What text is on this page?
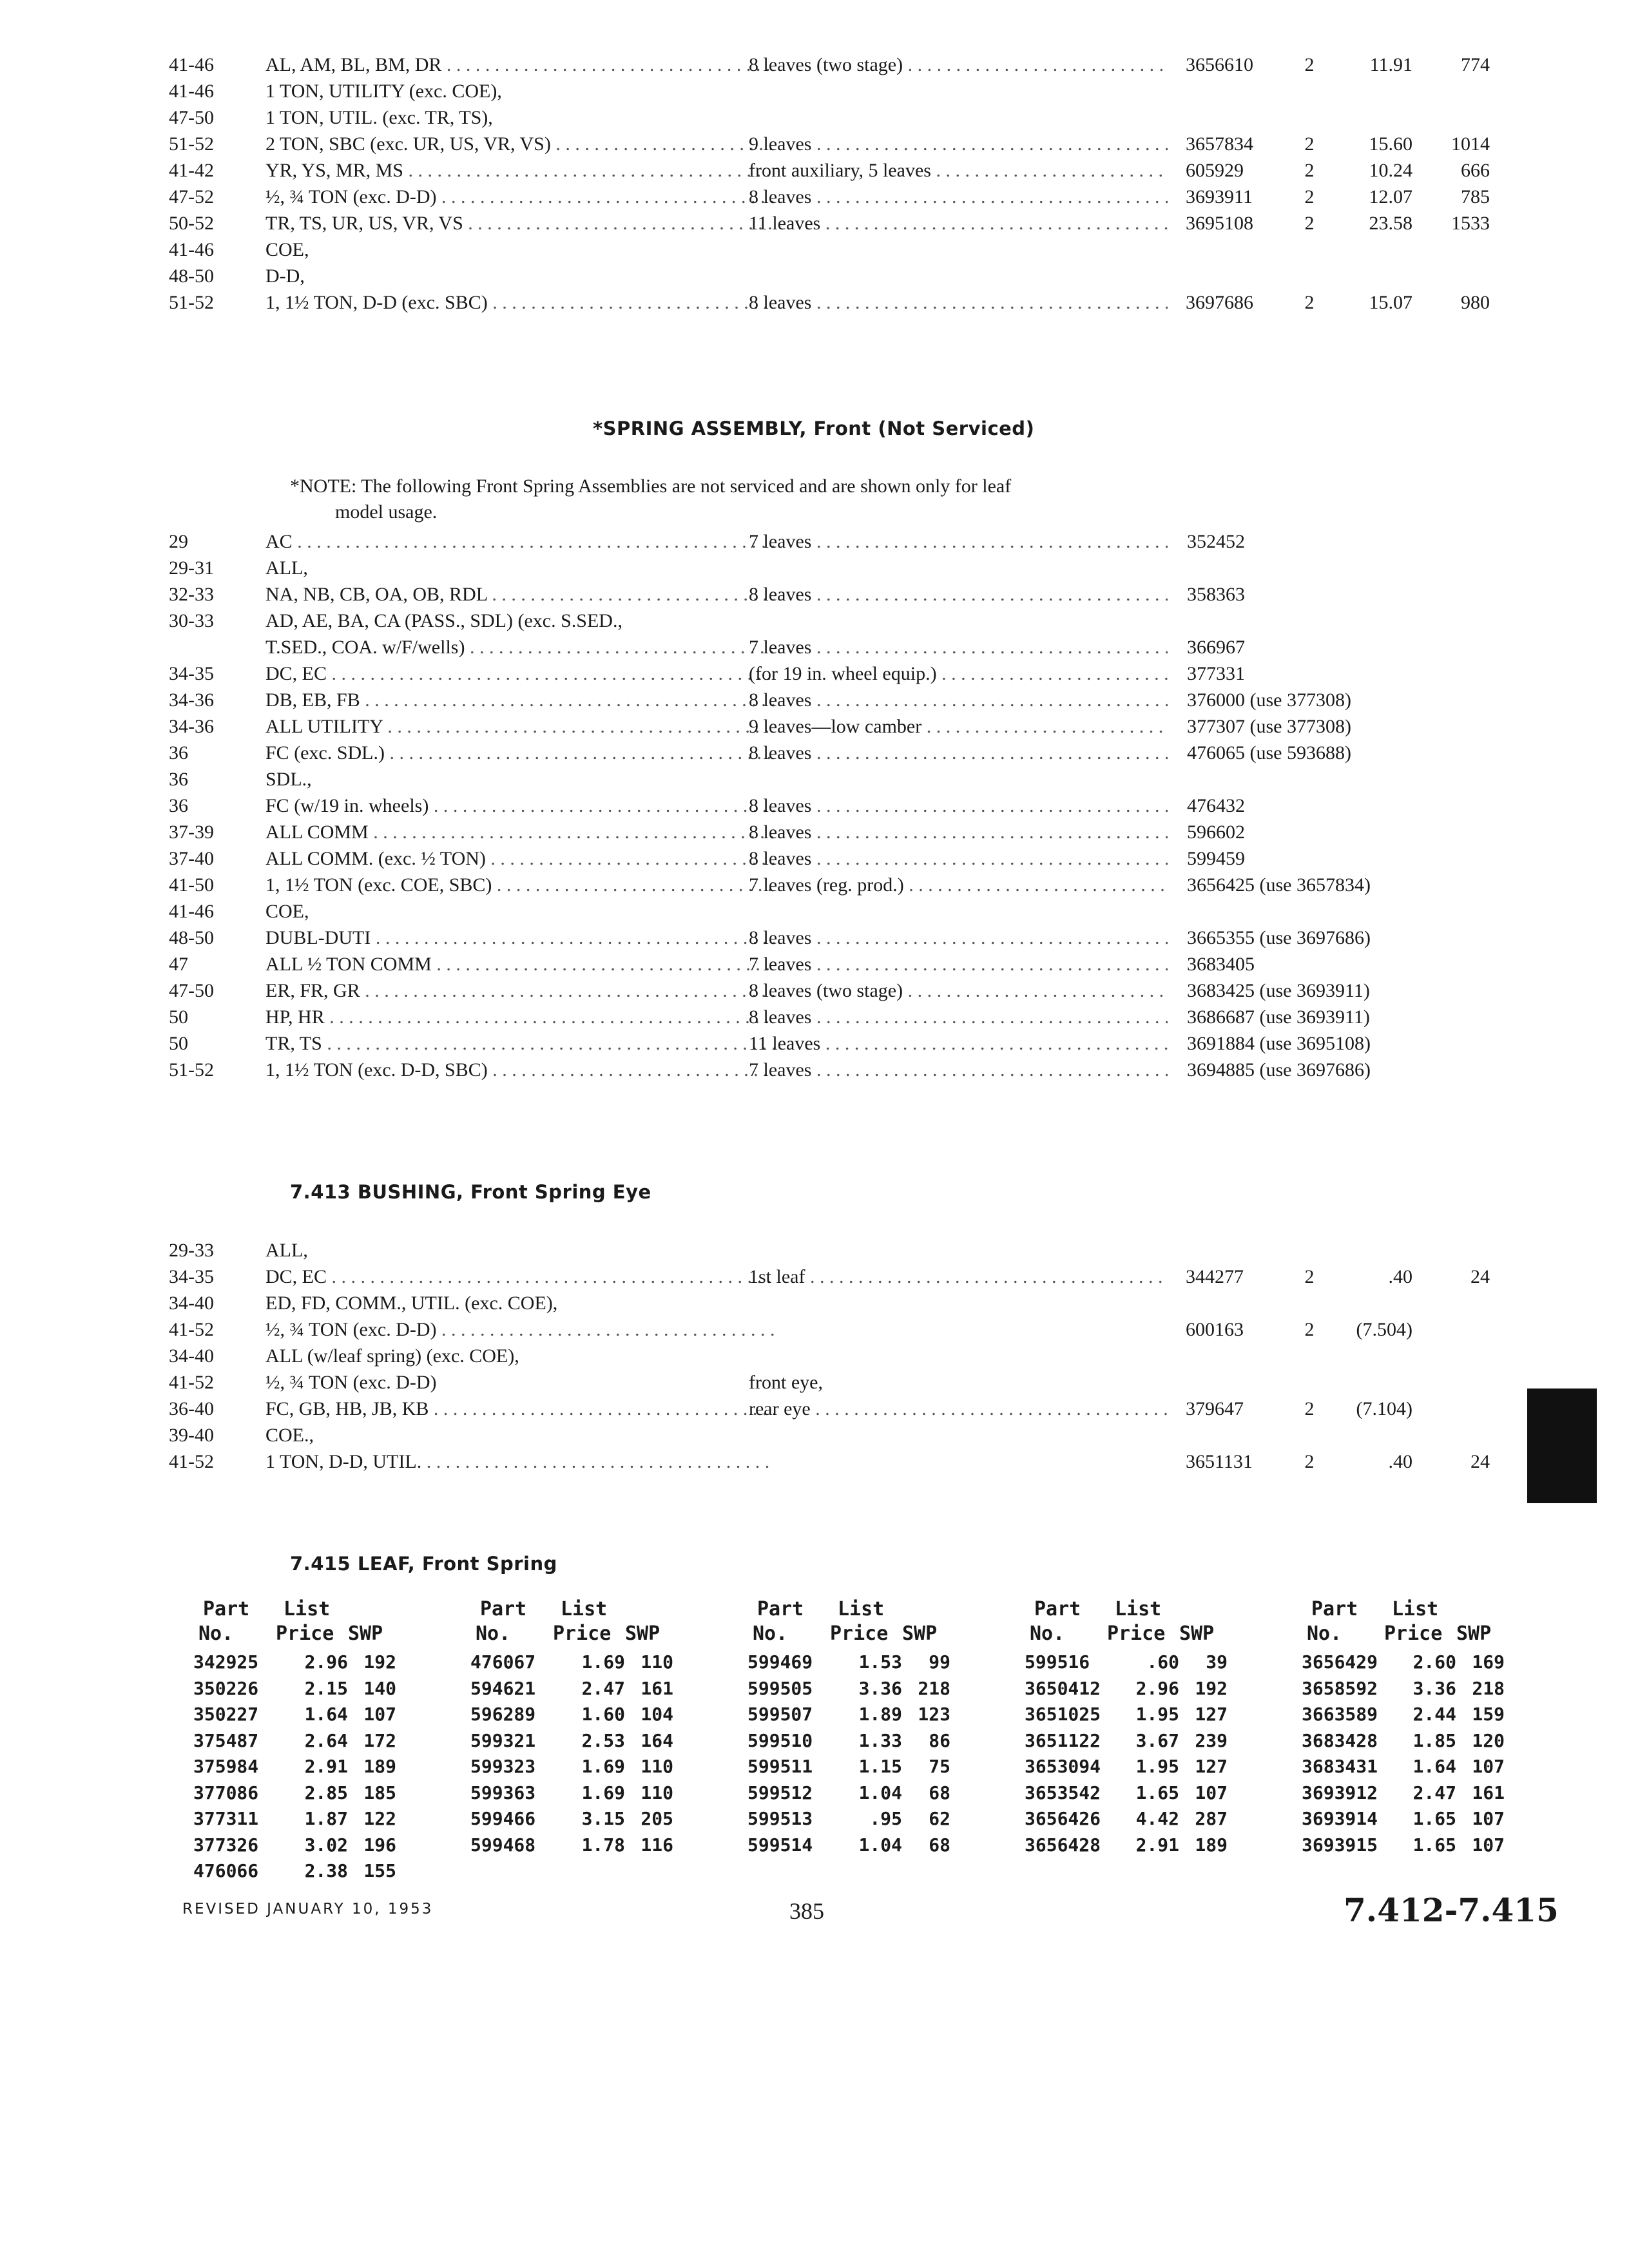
41-46	AL, AM, BL, BM, DR . . .	8 leaves (two stage) . . .	3656610	2	11.91	774
41-46	1 TON, UTILITY (exc. COE),
47-50	1 TON, UTIL. (exc. TR, TS),
51-52	2 TON, SBC (exc. UR, US, VR, VS) . . .	9 leaves . . .	3657834	2	15.60	1014
41-42	YR, YS, MR, MS . . .	front auxiliary, 5 leaves . . .	605929	2	10.24	666
47-52	½, ¾ TON (exc. D-D) . . .	8 leaves . . .	3693911	2	12.07	785
50-52	TR, TS, UR, US, VR, VS . . .	11 leaves . . .	3695108	2	23.58	1533
41-46	COE,
48-50	D-D,
51-52	1, 1½ TON, D-D (exc. SBC) . . .	8 leaves . . .	3697686	2	15.07	980
*SPRING ASSEMBLY, Front (Not Serviced)
*NOTE: The following Front Spring Assemblies are not serviced and are shown only for leaf
model usage.
29	AC . . .	7 leaves . . .	352452
29-31	ALL,
32-33	NA, NB, CB, OA, OB, RDL . . .	8 leaves . . .	358363
30-33	AD, AE, BA, CA (PASS., SDL) (exc. S.SED.,
T.SED., COA. w/F/wells) . . .	7 leaves . . .	366967
34-35	DC, EC . . .	(for 19 in. wheel equip.) . . .	377331
34-36	DB, EB, FB . . .	8 leaves . . .	376000 (use 377308)
34-36	ALL UTILITY . . .	9 leaves—low camber . . .	377307 (use 377308)
36	FC (exc. SDL.) . . .	8 leaves . . .	476065 (use 593688)
36	SDL.,
36	FC (w/19 in. wheels) . . .	8 leaves . . .	476432
37-39	ALL COMM . . .	8 leaves . . .	596602
37-40	ALL COMM. (exc. ½ TON) . . .	8 leaves . . .	599459
41-50	1, 1½ TON (exc. COE, SBC) . . .	7 leaves (reg. prod.) . . .	3656425 (use 3657834)
41-46	COE,
48-50	DUBL-DUTI . . .	8 leaves . . .	3665355 (use 3697686)
47	ALL ½ TON COMM . . .	7 leaves . . .	3683405
47-50	ER, FR, GR . . .	8 leaves (two stage) . . .	3683425 (use 3693911)
50	HP, HR . . .	8 leaves . . .	3686687 (use 3693911)
50	TR, TS . . .	11 leaves . . .	3691884 (use 3695108)
51-52	1, 1½ TON (exc. D-D, SBC) . . .	7 leaves . . .	3694885 (use 3697686)
7.413 BUSHING, Front Spring Eye
29-33	ALL,
34-35	DC, EC . . .	1st leaf . . .	344277	2	.40	24
34-40	ED, FD, COMM., UTIL. (exc. COE),
41-52	½, ¾ TON (exc. D-D) . . .	600163	2	(7.504)
34-40	ALL (w/leaf spring) (exc. COE),
41-52	½, ¾ TON (exc. D-D)	front eye,
36-40	FC, GB, HB, JB, KB . . .	rear eye . . .	379647	2	(7.104)
39-40	COE.,
41-52	1 TON, D-D, UTIL. . . .	3651131	2	.40	24
7.415 LEAF, Front Spring
Part
No.
List
Price SWP
342925	2.96 192
350226	2.15 140
350227	1.64 107
375487	2.64 172
375984	2.91 189
377086	2.85 185
377311	1.87 122
377326	3.02 196
476066	2.38 155
Part
No.
List
Price SWP
476067	1.69 110
594621	2.47 161
596289	1.60 104
599321	2.53 164
599323	1.69 110
599363	1.69 110
599466	3.15 205
599468	1.78 116
Part
No.
List
Price SWP
599469	1.53	99
599505	3.36 218
599507	1.89 123
599510	1.33	86
599511	1.15	75
599512	1.04	68
599513	.95	62
599514	1.04	68
Part
No.
List
Price SWP
599516	.60	39
3650412	2.96 192
3651025	1.95 127
3651122	3.67 239
3653094	1.95 127
3653542	1.65 107
3656426	4.42 287
3656428	2.91 189
Part
No.
List
Price SWP
3656429	2.60 169
3658592	3.36 218
3663589	2.44 159
3683428	1.85 120
3683431	1.64 107
3693912	2.47 161
3693914	1.65 107
3693915	1.65 107
REVISED JANUARY 10, 1953	385	7.412-7.415
